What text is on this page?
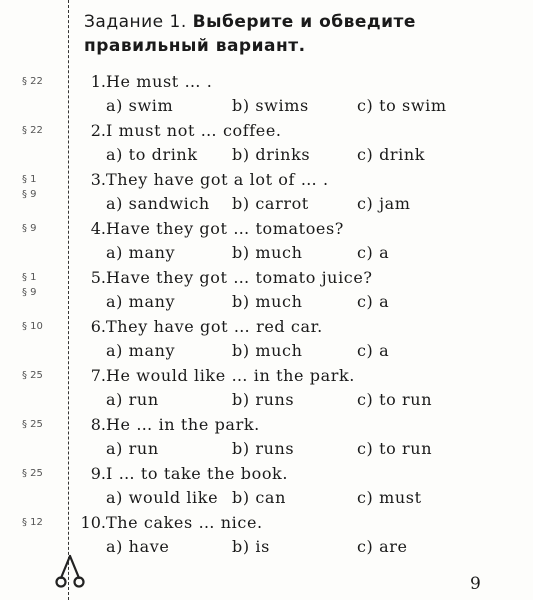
Задание 1. Выберите и обведите правильный вариант.
§ 22	1. He must … .
a) swim	b) swims	c) to swim
§ 22	2. I must not … coffee.
a) to drink b) drinks	c) drink
§ 1
§ 9
3. They have got a lot of … .
a) sandwich b) carrot	c) jam
§ 9	4. Have they got … tomatoes?
a) many	b) much	c) a
§ 1
§ 9
5. Have they got … tomato juice?
a) many	b) much	c) a
§ 10	6. They have got … red car.
a) many	b) much	c) a
§ 25	7. He would like … in the park.
a) run	b) runs	c) to run
§ 25	8. He … in the park.
a) run	b) runs	c) to run
§ 25	9. I … to take the book.
a) would like b) can	c) must
§ 12	10. The cakes … nice.
a) have	b) is	c) are
9
